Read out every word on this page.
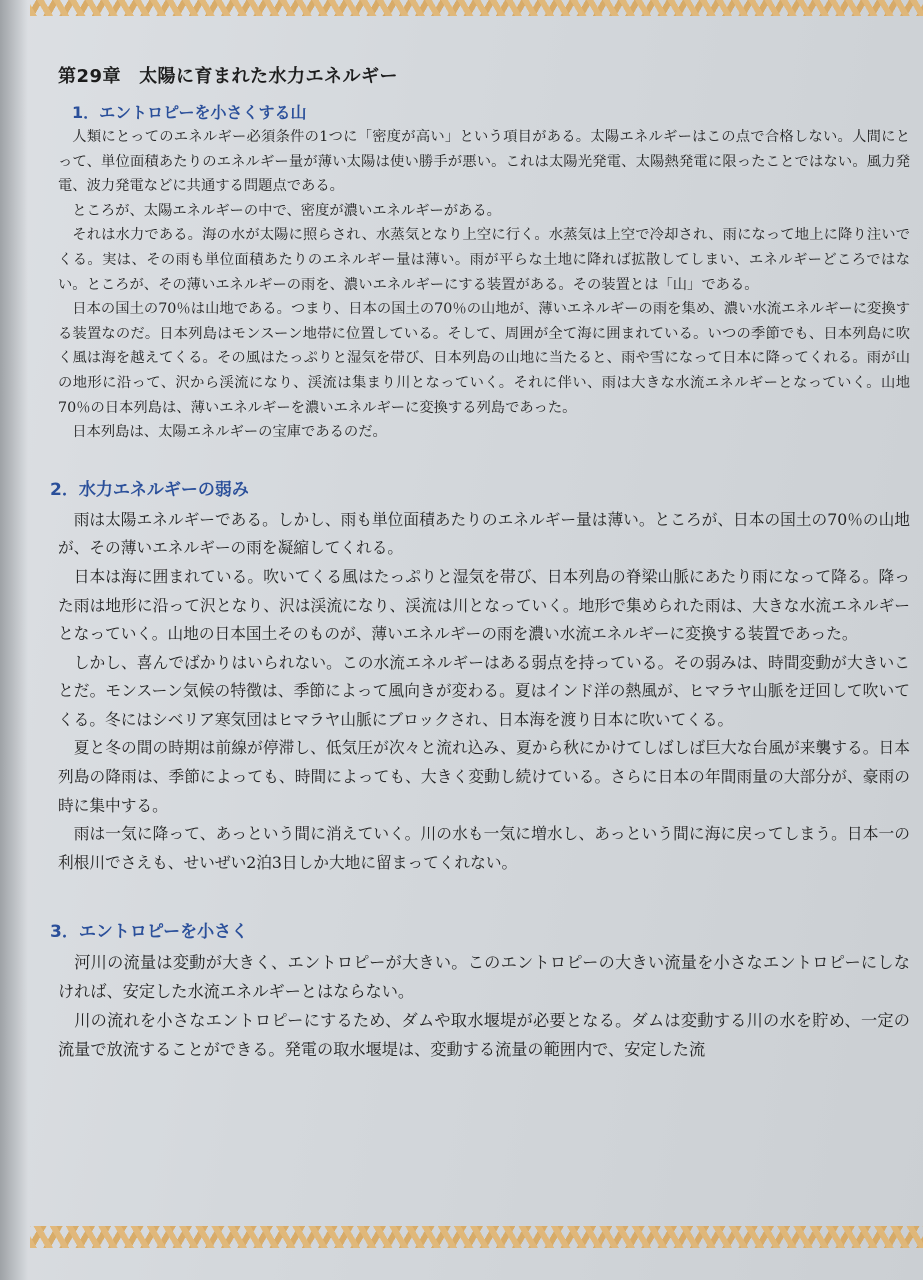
第29章 太陽に育まれた水力エネルギー
1．エントロピーを小さくする山

人類にとってのエネルギー必須条件の1つに「密度が高い」という項目がある。太陽エネルギーはこの点で合格しない。人間にとって、単位面積あたりのエネルギー量が薄い太陽は使い勝手が悪い。これは太陽光発電、太陽熱発電に限ったことではない。風力発電、波力発電などに共通する問題点である。

ところが、太陽エネルギーの中で、密度が濃いエネルギーがある。

それは水力である。海の水が太陽に照らされ、水蒸気となり上空に行く。水蒸気は上空で冷却され、雨になって地上に降り注いでくる。実は、その雨も単位面積あたりのエネルギー量は薄い。雨が平らな土地に降れば拡散してしまい、エネルギーどころではない。ところが、その薄いエネルギーの雨を、濃いエネルギーにする装置がある。その装置とは「山」である。

日本の国土の70％は山地である。つまり、日本の国土の70％の山地が、薄いエネルギーの雨を集め、濃い水流エネルギーに変換する装置なのだ。日本列島はモンスーン地帯に位置している。そして、周囲が全て海に囲まれている。いつの季節でも、日本列島に吹く風は海を越えてくる。その風はたっぷりと湿気を帯び、日本列島の山地に当たると、雨や雪になって日本に降ってくれる。雨が山の地形に沿って、沢から渓流になり、渓流は集まり川となっていく。それに伴い、雨は大きな水流エネルギーとなっていく。山地70％の日本列島は、薄いエネルギーを濃いエネルギーに変換する列島であった。

日本列島は、太陽エネルギーの宝庫であるのだ。

2．水力エネルギーの弱み

雨は太陽エネルギーである。しかし、雨も単位面積あたりのエネルギー量は薄い。ところが、日本の国土の70％の山地が、その薄いエネルギーの雨を凝縮してくれる。

日本は海に囲まれている。吹いてくる風はたっぷりと湿気を帯び、日本列島の脊梁山脈にあたり雨になって降る。降った雨は地形に沿って沢となり、沢は渓流になり、渓流は川となっていく。地形で集められた雨は、大きな水流エネルギーとなっていく。山地の日本国土そのものが、薄いエネルギーの雨を濃い水流エネルギーに変換する装置であった。

しかし、喜んでばかりはいられない。この水流エネルギーはある弱点を持っている。その弱みは、時間変動が大きいことだ。モンスーン気候の特徴は、季節によって風向きが変わる。夏はインド洋の熱風が、ヒマラヤ山脈を迂回して吹いてくる。冬にはシベリア寒気団はヒマラヤ山脈にブロックされ、日本海を渡り日本に吹いてくる。

夏と冬の間の時期は前線が停滞し、低気圧が次々と流れ込み、夏から秋にかけてしばしば巨大な台風が来襲する。日本列島の降雨は、季節によっても、時間によっても、大きく変動し続けている。さらに日本の年間雨量の大部分が、豪雨の時に集中する。

雨は一気に降って、あっという間に消えていく。川の水も一気に増水し、あっという間に海に戻ってしまう。日本一の利根川でさえも、せいぜい2泊3日しか大地に留まってくれない。

3．エントロピーを小さく

河川の流量は変動が大きく、エントロピーが大きい。このエントロピーの大きい流量を小さなエントロピーにしなければ、安定した水流エネルギーとはならない。

川の流れを小さなエントロピーにするため、ダムや取水堰堤が必要となる。ダムは変動する川の水を貯め、一定の流量で放流することができる。発電の取水堰堤は、変動する流量の範囲内で、安定した流
